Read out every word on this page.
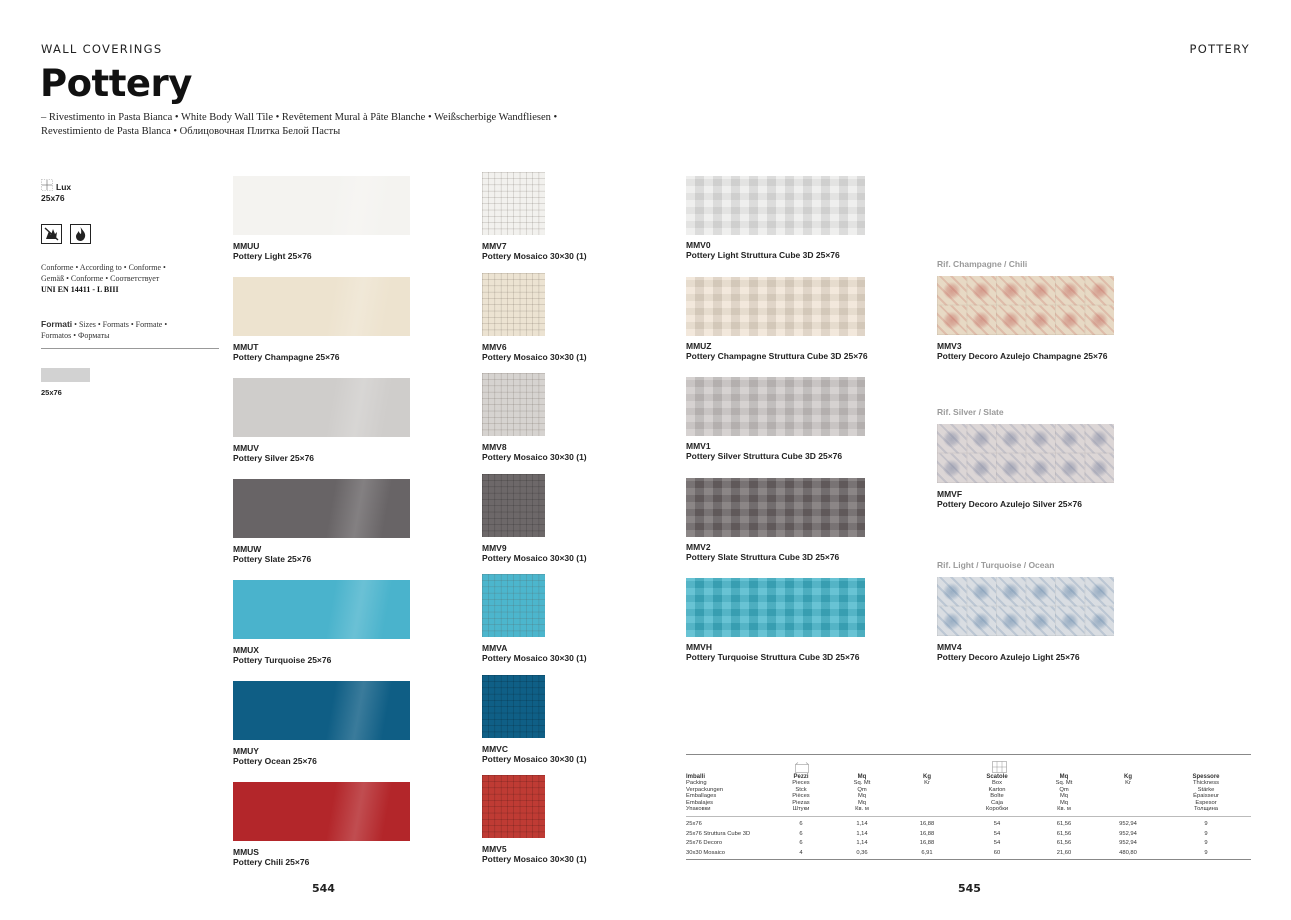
WALL COVERINGS	POTTERY
Pottery
– Rivestimento in Pasta Bianca • White Body Wall Tile • Revêtement Mural à Pâte Blanche • Weißscherbige Wandfliesen • Revestimiento de Pasta Blanca • Облицовочная Плитка Белой Пасты
Lux
25x76
Conforme • According to • Conforme •
Gemäß • Conforme • Соответствует
UNI EN 14411 - L BIII
Formati • Sizes • Formats • Formate •
Formatos • Форматы
25x76
MMUU
Pottery Light 25×76
MMUT
Pottery Champagne 25×76
MMUV
Pottery Silver 25×76
MMUW
Pottery Slate 25×76
MMUX
Pottery Turquoise 25×76
MMUY
Pottery Ocean 25×76
MMUS
Pottery Chili 25×76
MMV7
Pottery Mosaico 30×30 (1)
MMV6
Pottery Mosaico 30×30 (1)
MMV8
Pottery Mosaico 30×30 (1)
MMV9
Pottery Mosaico 30×30 (1)
MMVA
Pottery Mosaico 30×30 (1)
MMVC
Pottery Mosaico 30×30 (1)
MMV5
Pottery Mosaico 30×30 (1)
MMV0
Pottery Light Struttura Cube 3D 25×76
MMUZ
Pottery Champagne Struttura Cube 3D 25×76
MMV1
Pottery Silver Struttura Cube 3D 25×76
MMV2
Pottery Slate Struttura Cube 3D 25×76
MMVH
Pottery Turquoise Struttura Cube 3D 25×76
Rif. Champagne / Chili
MMV3
Pottery Decoro Azulejo Champagne 25×76
Rif. Silver / Slate
MMVF
Pottery Decoro Azulejo Silver 25×76
Rif. Light / Turquoise / Ocean
MMV4
Pottery Decoro Azulejo Light 25×76
Imballi
Packing
Verpackungen
Emballages
Embalajes
Упаковки

Pezzi
Pieces
Stck
Pièces
Piezas
Штуки

Mq
Sq. Mt
Qm
Mq
Mq
Кв. м

Kg
Kr

Scatole
Box
Karton
Boîte
Caja
Коробки

Mq
Sq. Mt
Qm
Mq
Mq
Кв. м

Kg
Kr

Spessore
Thickness
Stärke
Épaisseur
Espesor
Толщина
25x76	6	1,14	16,88	54	61,56	952,94	9
25x76 Struttura Cube 3D	6	1,14	16,88	54	61,56	952,94	9
25x76 Decoro	6	1,14	16,88	54	61,56	952,94	9
30x30 Mosaico	4	0,36	6,91	60	21,60	480,80	9
544	545
